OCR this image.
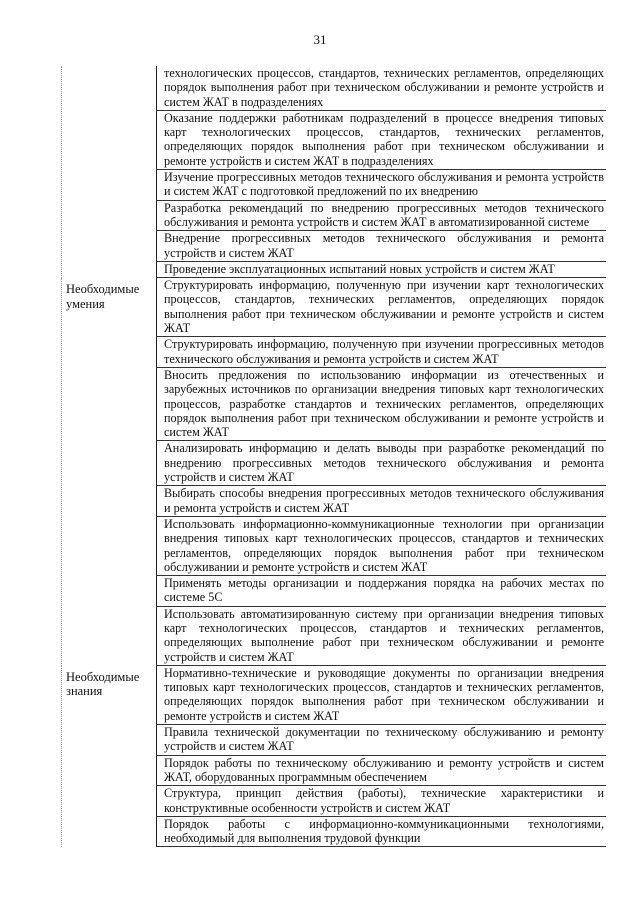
31
технологических процессов, стандартов, технических регламентов, определяющих порядок выполнения работ при техническом обслуживании и ремонте устройств и систем ЖАТ в подразделениях
Оказание поддержки работникам подразделений в процессе внедрения типовых карт технологических процессов, стандартов, технических регламентов, определяющих порядок выполнения работ при техническом обслуживании и ремонте устройств и систем ЖАТ в подразделениях
Изучение прогрессивных методов технического обслуживания и ремонта устройств и систем ЖАТ с подготовкой предложений по их внедрению
Разработка рекомендаций по внедрению прогрессивных методов технического обслуживания и ремонта устройств и систем ЖАТ в автоматизированной системе
Внедрение прогрессивных методов технического обслуживания и ремонта устройств и систем ЖАТ
Проведение эксплуатационных испытаний новых устройств и систем ЖАТ
Необходимые умения
Структурировать информацию, полученную при изучении карт технологических процессов, стандартов, технических регламентов, определяющих порядок выполнения работ при техническом обслуживании и ремонте устройств и систем ЖАТ
Структурировать информацию, полученную при изучении прогрессивных методов технического обслуживания и ремонта устройств и систем ЖАТ
Вносить предложения по использованию информации из отечественных и зарубежных источников по организации внедрения типовых карт технологических процессов, разработке стандартов и технических регламентов, определяющих порядок выполнения работ при техническом обслуживании и ремонте устройств и систем ЖАТ
Анализировать информацию и делать выводы при разработке рекомендаций по внедрению прогрессивных методов технического обслуживания и ремонта устройств и систем ЖАТ
Выбирать способы внедрения прогрессивных методов технического обслуживания и ремонта устройств и систем ЖАТ
Использовать информационно-коммуникационные технологии при организации внедрения типовых карт технологических процессов, стандартов и технических регламентов, определяющих порядок выполнения работ при техническом обслуживании и ремонте устройств и систем ЖАТ
Применять методы организации и поддержания порядка на рабочих местах по системе 5С
Использовать автоматизированную систему при организации внедрения типовых карт технологических процессов, стандартов и технических регламентов, определяющих выполнение работ при техническом обслуживании и ремонте устройств и систем ЖАТ
Необходимые знания
Нормативно-технические и руководящие документы по организации внедрения типовых карт технологических процессов, стандартов и технических регламентов, определяющих порядок выполнения работ при техническом обслуживании и ремонте устройств и систем ЖАТ
Правила технической документации по техническому обслуживанию и ремонту устройств и систем ЖАТ
Порядок работы по техническому обслуживанию и ремонту устройств и систем ЖАТ, оборудованных программным обеспечением
Структура, принцип действия (работы), технические характеристики и конструктивные особенности устройств и систем ЖАТ
Порядок работы с информационно-коммуникационными технологиями, необходимый для выполнения трудовой функции
